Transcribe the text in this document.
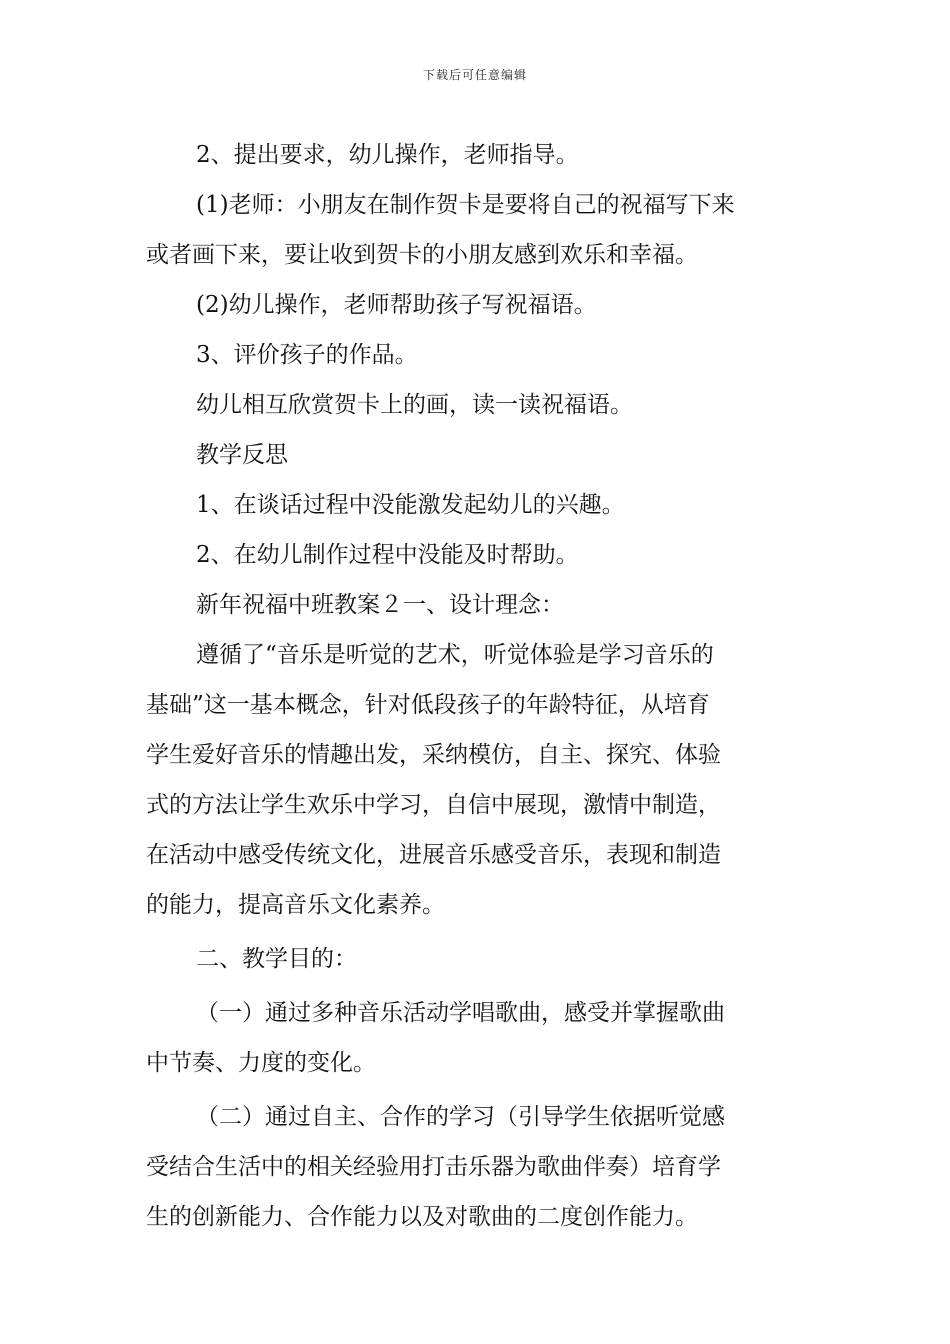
下载后可任意编辑
2、提出要求，幼儿操作，老师指导。
(1)老师：小朋友在制作贺卡是要将自己的祝福写下来
或者画下来，要让收到贺卡的小朋友感到欢乐和幸福。
(2)幼儿操作，老师帮助孩子写祝福语。
3、评价孩子的作品。
幼儿相互欣赏贺卡上的画，读一读祝福语。
教学反思
1、在谈话过程中没能激发起幼儿的兴趣。
2、在幼儿制作过程中没能及时帮助。
新年祝福中班教案２一、设计理念：
遵循了“音乐是听觉的艺术，听觉体验是学习音乐的
基础”这一基本概念，针对低段孩子的年龄特征，从培育
学生爱好音乐的情趣出发，采纳模仿，自主、探究、体验
式的方法让学生欢乐中学习，自信中展现，激情中制造，
在活动中感受传统文化，进展音乐感受音乐，表现和制造
的能力，提高音乐文化素养。
二、教学目的：
（一）通过多种音乐活动学唱歌曲，感受并掌握歌曲
中节奏、力度的变化。
（二）通过自主、合作的学习（引导学生依据听觉感
受结合生活中的相关经验用打击乐器为歌曲伴奏）培育学
生的创新能力、合作能力以及对歌曲的二度创作能力。
